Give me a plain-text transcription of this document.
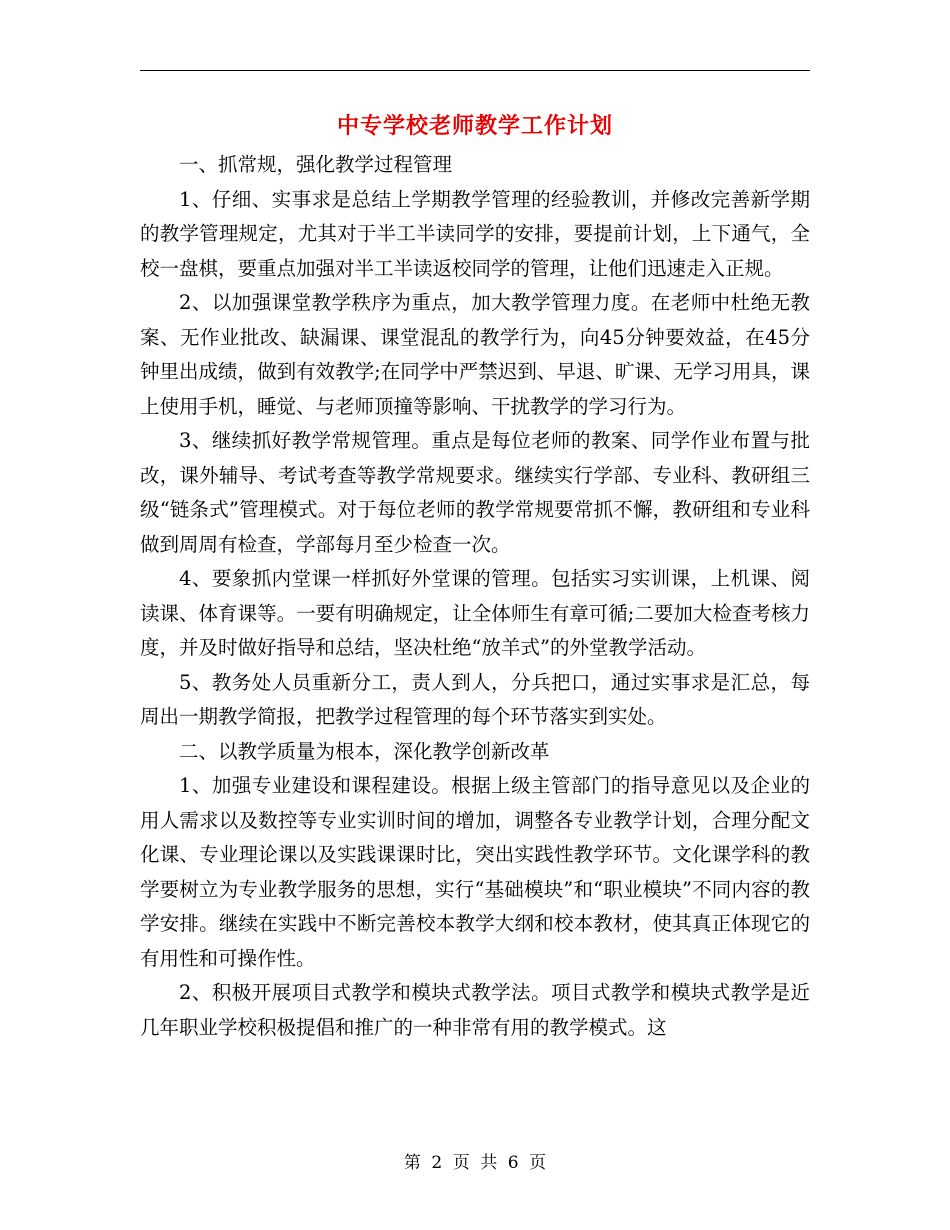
中专学校老师教学工作计划

一、抓常规，强化教学过程管理

1、仔细、实事求是总结上学期教学管理的经验教训，并修改完善新学期的教学管理规定，尤其对于半工半读同学的安排，要提前计划，上下通气，全校一盘棋，要重点加强对半工半读返校同学的管理，让他们迅速走入正规。

2、以加强课堂教学秩序为重点，加大教学管理力度。在老师中杜绝无教案、无作业批改、缺漏课、课堂混乱的教学行为，向45分钟要效益，在45分钟里出成绩，做到有效教学;在同学中严禁迟到、早退、旷课、无学习用具，课上使用手机，睡觉、与老师顶撞等影响、干扰教学的学习行为。

3、继续抓好教学常规管理。重点是每位老师的教案、同学作业布置与批改，课外辅导、考试考查等教学常规要求。继续实行学部、专业科、教研组三级“链条式”管理模式。对于每位老师的教学常规要常抓不懈，教研组和专业科做到周周有检查，学部每月至少检查一次。

4、要象抓内堂课一样抓好外堂课的管理。包括实习实训课，上机课、阅读课、体育课等。一要有明确规定，让全体师生有章可循;二要加大检查考核力度，并及时做好指导和总结，坚决杜绝“放羊式”的外堂教学活动。

5、教务处人员重新分工，责人到人，分兵把口，通过实事求是汇总，每周出一期教学简报，把教学过程管理的每个环节落实到实处。

二、以教学质量为根本，深化教学创新改革

1、加强专业建设和课程建设。根据上级主管部门的指导意见以及企业的用人需求以及数控等专业实训时间的增加，调整各专业教学计划，合理分配文化课、专业理论课以及实践课课时比，突出实践性教学环节。文化课学科的教学要树立为专业教学服务的思想，实行“基础模块”和“职业模块”不同内容的教学安排。继续在实践中不断完善校本教学大纲和校本教材，使其真正体现它的有用性和可操作性。

2、积极开展项目式教学和模块式教学法。项目式教学和模块式教学是近几年职业学校积极提倡和推广的一种非常有用的教学模式。这

第 2 页 共 6 页
